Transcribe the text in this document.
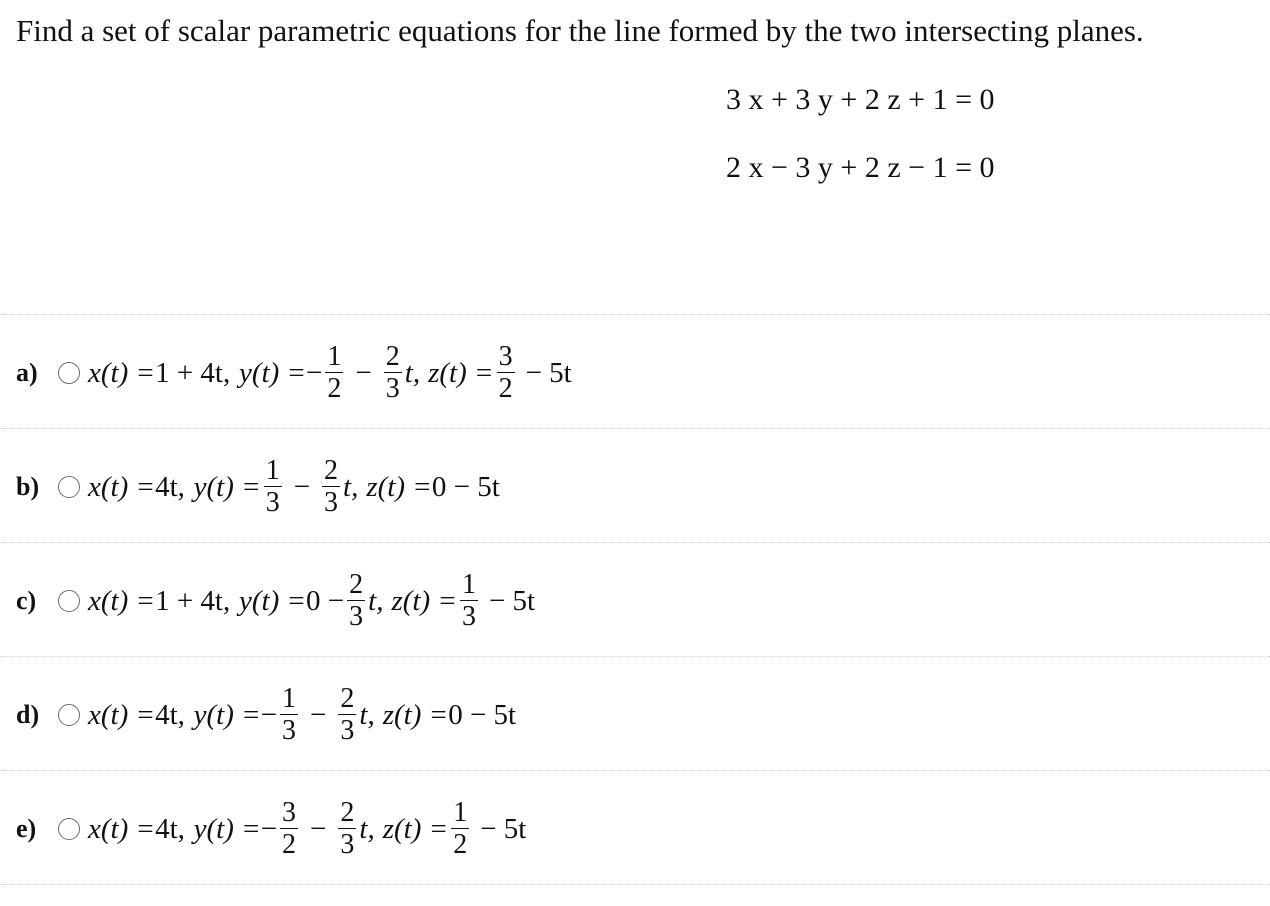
Find a set of scalar parametric equations for the line formed by the two intersecting planes.
3 x + 3 y + 2 z + 1 = 0
2 x − 3 y + 2 z − 1 = 0
a)	x(t) = 1 + 4t , y(t) = − $\frac{1}{2} - \frac{2}{3} t$, $z(t) = \frac{3}{2} - 5t$
b)	x(t) = 4t , $y(t) = \frac{1}{3} - \frac{2}{3} t$, z(t) = 0 − 5t
c)	x(t) = 1 + 4t , $y(t) = 0 - \frac{2}{3} t$, $z(t) = \frac{1}{3} - 5t$
d)	x(t) = 4t , y(t) = − $\frac{1}{3} - \frac{2}{3} t$, z(t) = 0 − 5t
e)	x(t) = 4t , y(t) = − $\frac{3}{2} - \frac{2}{3} t$, $z(t) = \frac{1}{2} - 5t$
